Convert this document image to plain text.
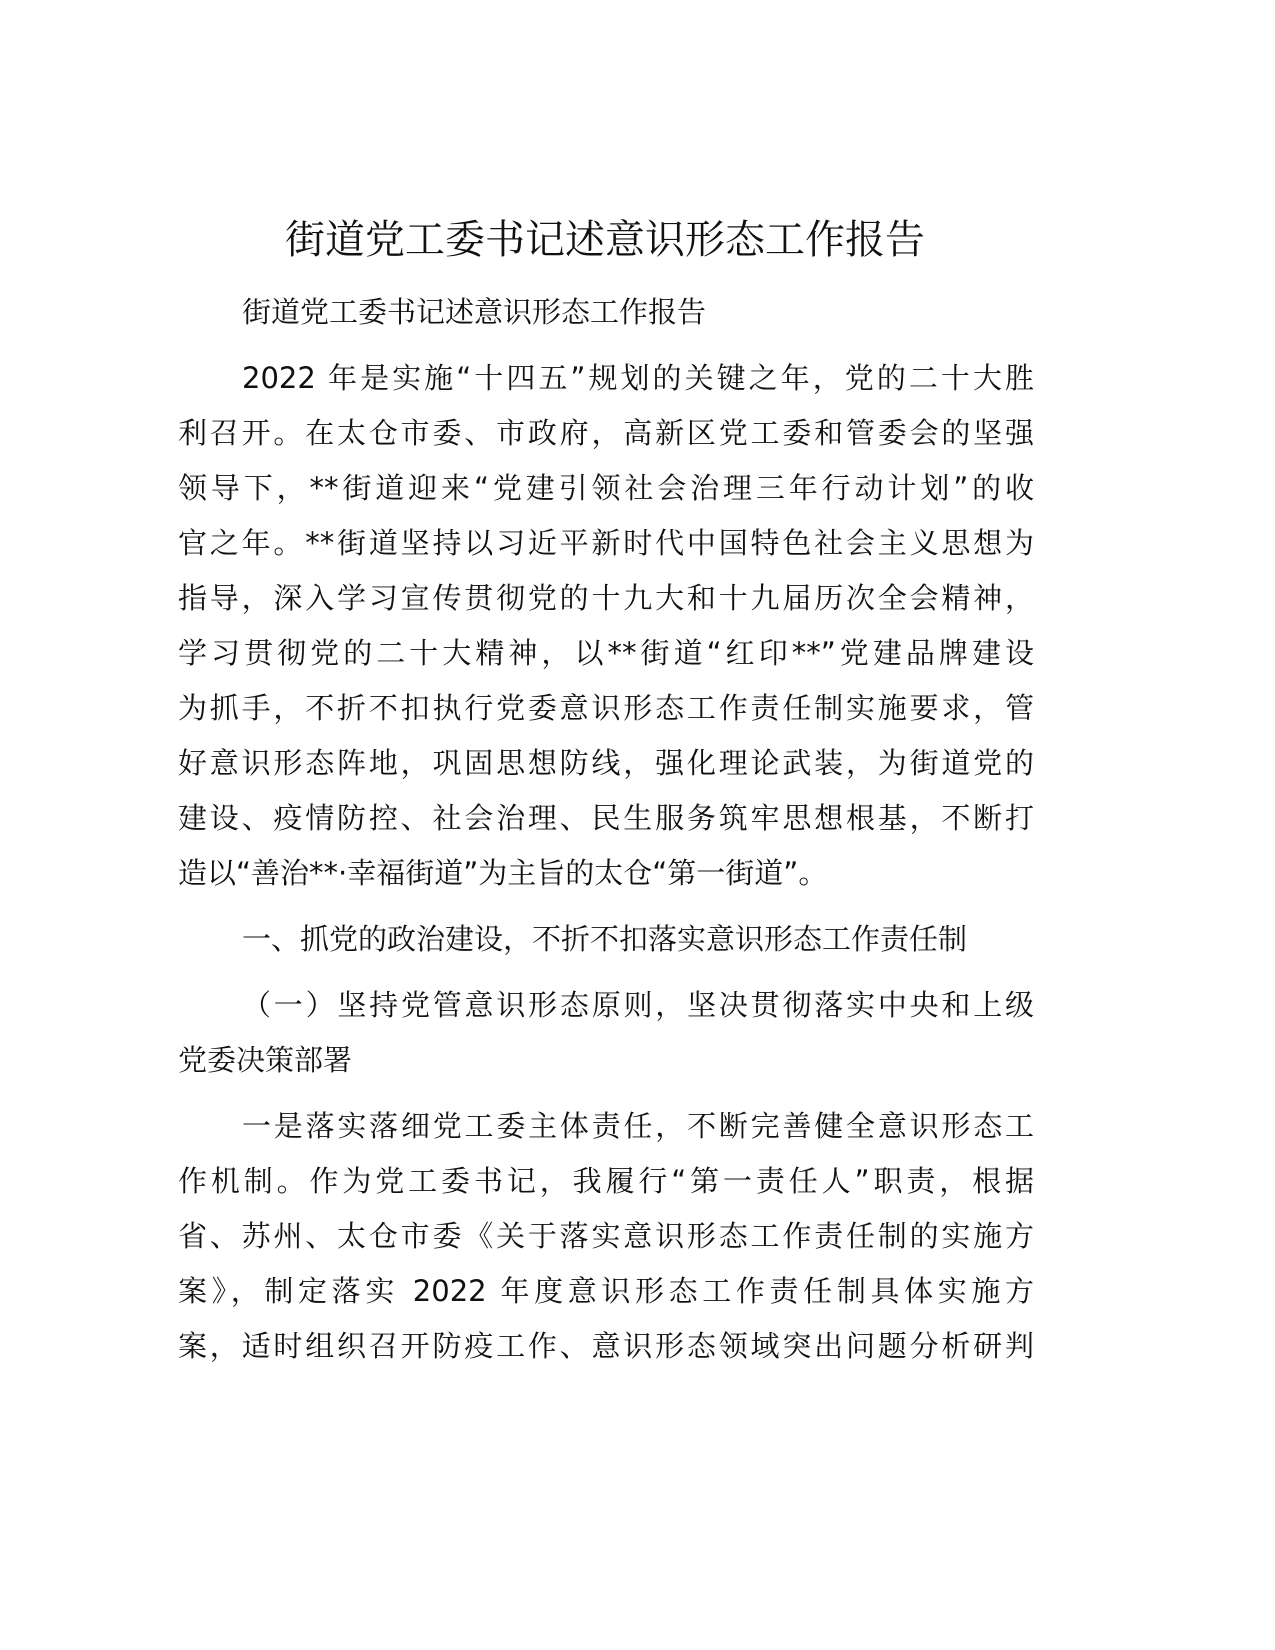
街道党工委书记述意识形态工作报告
街道党工委书记述意识形态工作报告
2022 年是实施“十四五”规划的关键之年，党的二十大胜
利召开。在太仓市委、市政府，高新区党工委和管委会的坚强
领导下，**街道迎来“党建引领社会治理三年行动计划”的收
官之年。**街道坚持以习近平新时代中国特色社会主义思想为
指导，深入学习宣传贯彻党的十九大和十九届历次全会精神，
学习贯彻党的二十大精神，以**街道“红印**”党建品牌建设
为抓手，不折不扣执行党委意识形态工作责任制实施要求，管
好意识形态阵地，巩固思想防线，强化理论武装，为街道党的
建设、疫情防控、社会治理、民生服务筑牢思想根基，不断打
造以“善治**·幸福街道”为主旨的太仓“第一街道”。
一、抓党的政治建设，不折不扣落实意识形态工作责任制
（一）坚持党管意识形态原则，坚决贯彻落实中央和上级
党委决策部署
一是落实落细党工委主体责任，不断完善健全意识形态工
作机制。作为党工委书记，我履行“第一责任人”职责，根据
省、苏州、太仓市委《关于落实意识形态工作责任制的实施方
案》，制定落实 2022 年度意识形态工作责任制具体实施方
案，适时组织召开防疫工作、意识形态领域突出问题分析研判
